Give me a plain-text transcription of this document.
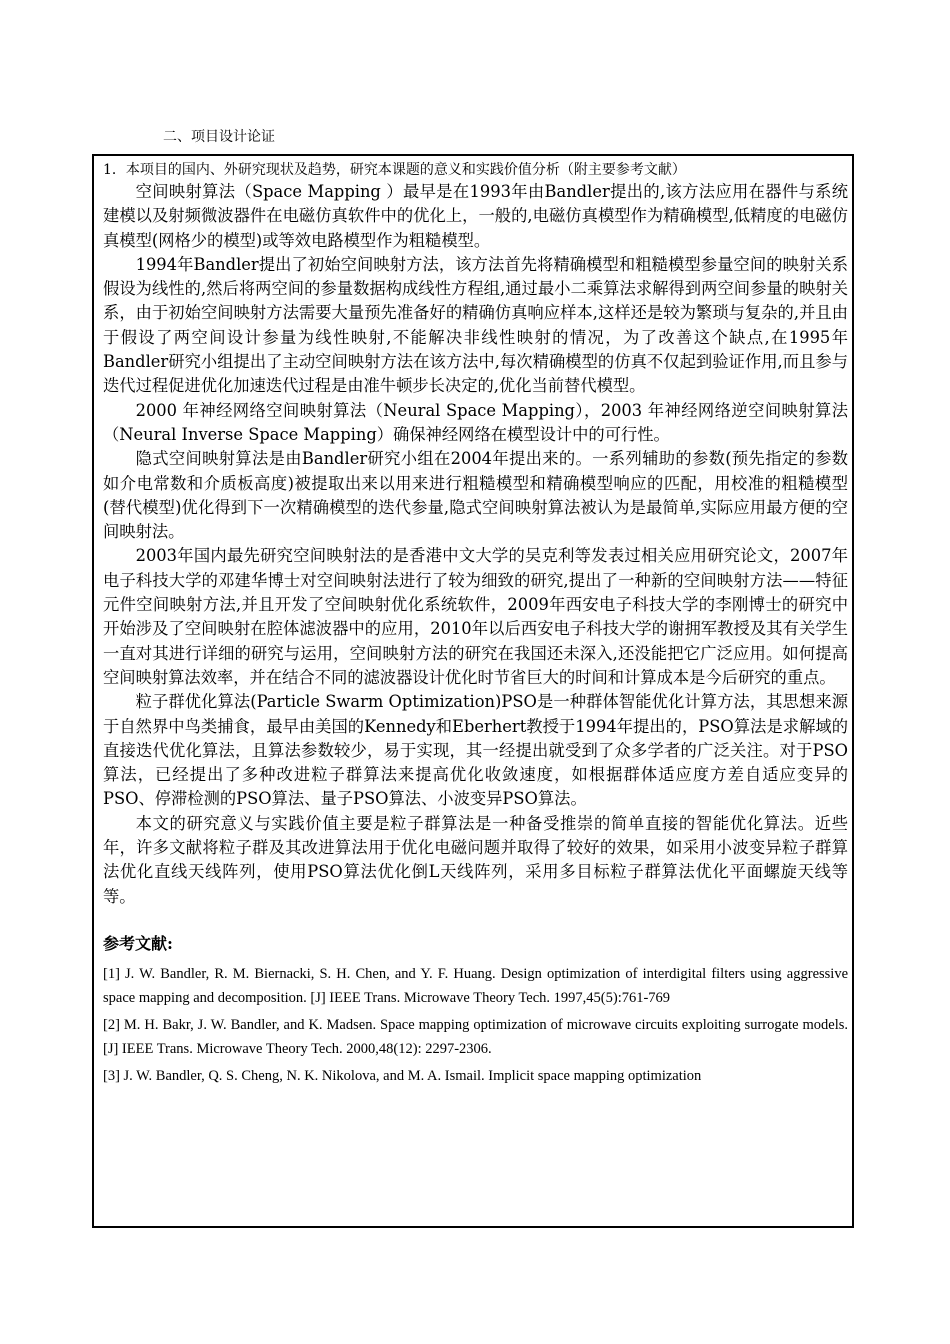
二、项目设计论证

1．本项目的国内、外研究现状及趋势，研究本课题的意义和实践价值分析（附主要参考文献）

空间映射算法（Space Mapping ）最早是在1993年由Bandler提出的,该方法应用在器件与系统建模以及射频微波器件在电磁仿真软件中的优化上，一般的,电磁仿真模型作为精确模型,低精度的电磁仿真模型(网格少的模型)或等效电路模型作为粗糙模型。

1994年Bandler提出了初始空间映射方法，该方法首先将精确模型和粗糙模型参量空间的映射关系假设为线性的,然后将两空间的参量数据构成线性方程组,通过最小二乘算法求解得到两空间参量的映射关系，由于初始空间映射方法需要大量预先准备好的精确仿真响应样本,这样还是较为繁琐与复杂的,并且由于假设了两空间设计参量为线性映射,不能解决非线性映射的情况，为了改善这个缺点,在1995年Bandler研究小组提出了主动空间映射方法在该方法中,每次精确模型的仿真不仅起到验证作用,而且参与迭代过程促进优化加速迭代过程是由准牛顿步长决定的,优化当前替代模型。

2000 年神经网络空间映射算法（Neural Space Mapping），2003 年神经网络逆空间映射算法（Neural Inverse Space Mapping）确保神经网络在模型设计中的可行性。

隐式空间映射算法是由Bandler研究小组在2004年提出来的。一系列辅助的参数(预先指定的参数如介电常数和介质板高度)被提取出来以用来进行粗糙模型和精确模型响应的匹配，用校准的粗糙模型(替代模型)优化得到下一次精确模型的迭代参量,隐式空间映射算法被认为是最简单,实际应用最方便的空间映射法。

2003年国内最先研究空间映射法的是香港中文大学的吴克利等发表过相关应用研究论文，2007年电子科技大学的邓建华博士对空间映射法进行了较为细致的研究,提出了一种新的空间映射方法——特征元件空间映射方法,并且开发了空间映射优化系统软件，2009年西安电子科技大学的李刚博士的研究中开始涉及了空间映射在腔体滤波器中的应用，2010年以后西安电子科技大学的谢拥军教授及其有关学生一直对其进行详细的研究与运用，空间映射方法的研究在我国还未深入,还没能把它广泛应用。如何提高空间映射算法效率，并在结合不同的滤波器设计优化时节省巨大的时间和计算成本是今后研究的重点。

粒子群优化算法(Particle Swarm Optimization)PSO是一种群体智能优化计算方法，其思想来源于自然界中鸟类捕食，最早由美国的Kennedy和Eberhert教授于1994年提出的，PSO算法是求解域的直接迭代优化算法，且算法参数较少，易于实现，其一经提出就受到了众多学者的广泛关注。对于PSO算法，已经提出了多种改进粒子群算法来提高优化收敛速度，如根据群体适应度方差自适应变异的PSO、停滞检测的PSO算法、量子PSO算法、小波变异PSO算法。

本文的研究意义与实践价值主要是粒子群算法是一种备受推崇的简单直接的智能优化算法。近些年，许多文献将粒子群及其改进算法用于优化电磁问题并取得了较好的效果，如采用小波变异粒子群算法优化直线天线阵列，使用PSO算法优化倒L天线阵列，采用多目标粒子群算法优化平面螺旋天线等等。

参考文献:

[1] J. W. Bandler, R. M. Biernacki, S. H. Chen, and Y. F. Huang. Design optimization of interdigital filters using aggressive space mapping and decomposition. [J] IEEE Trans. Microwave Theory Tech. 1997,45(5):761-769

[2] M. H. Bakr, J. W. Bandler, and K. Madsen. Space mapping optimization of microwave circuits exploiting surrogate models. [J] IEEE Trans. Microwave Theory Tech. 2000,48(12): 2297-2306.

[3] J. W. Bandler, Q. S. Cheng, N. K. Nikolova, and M. A. Ismail. Implicit space mapping optimization
